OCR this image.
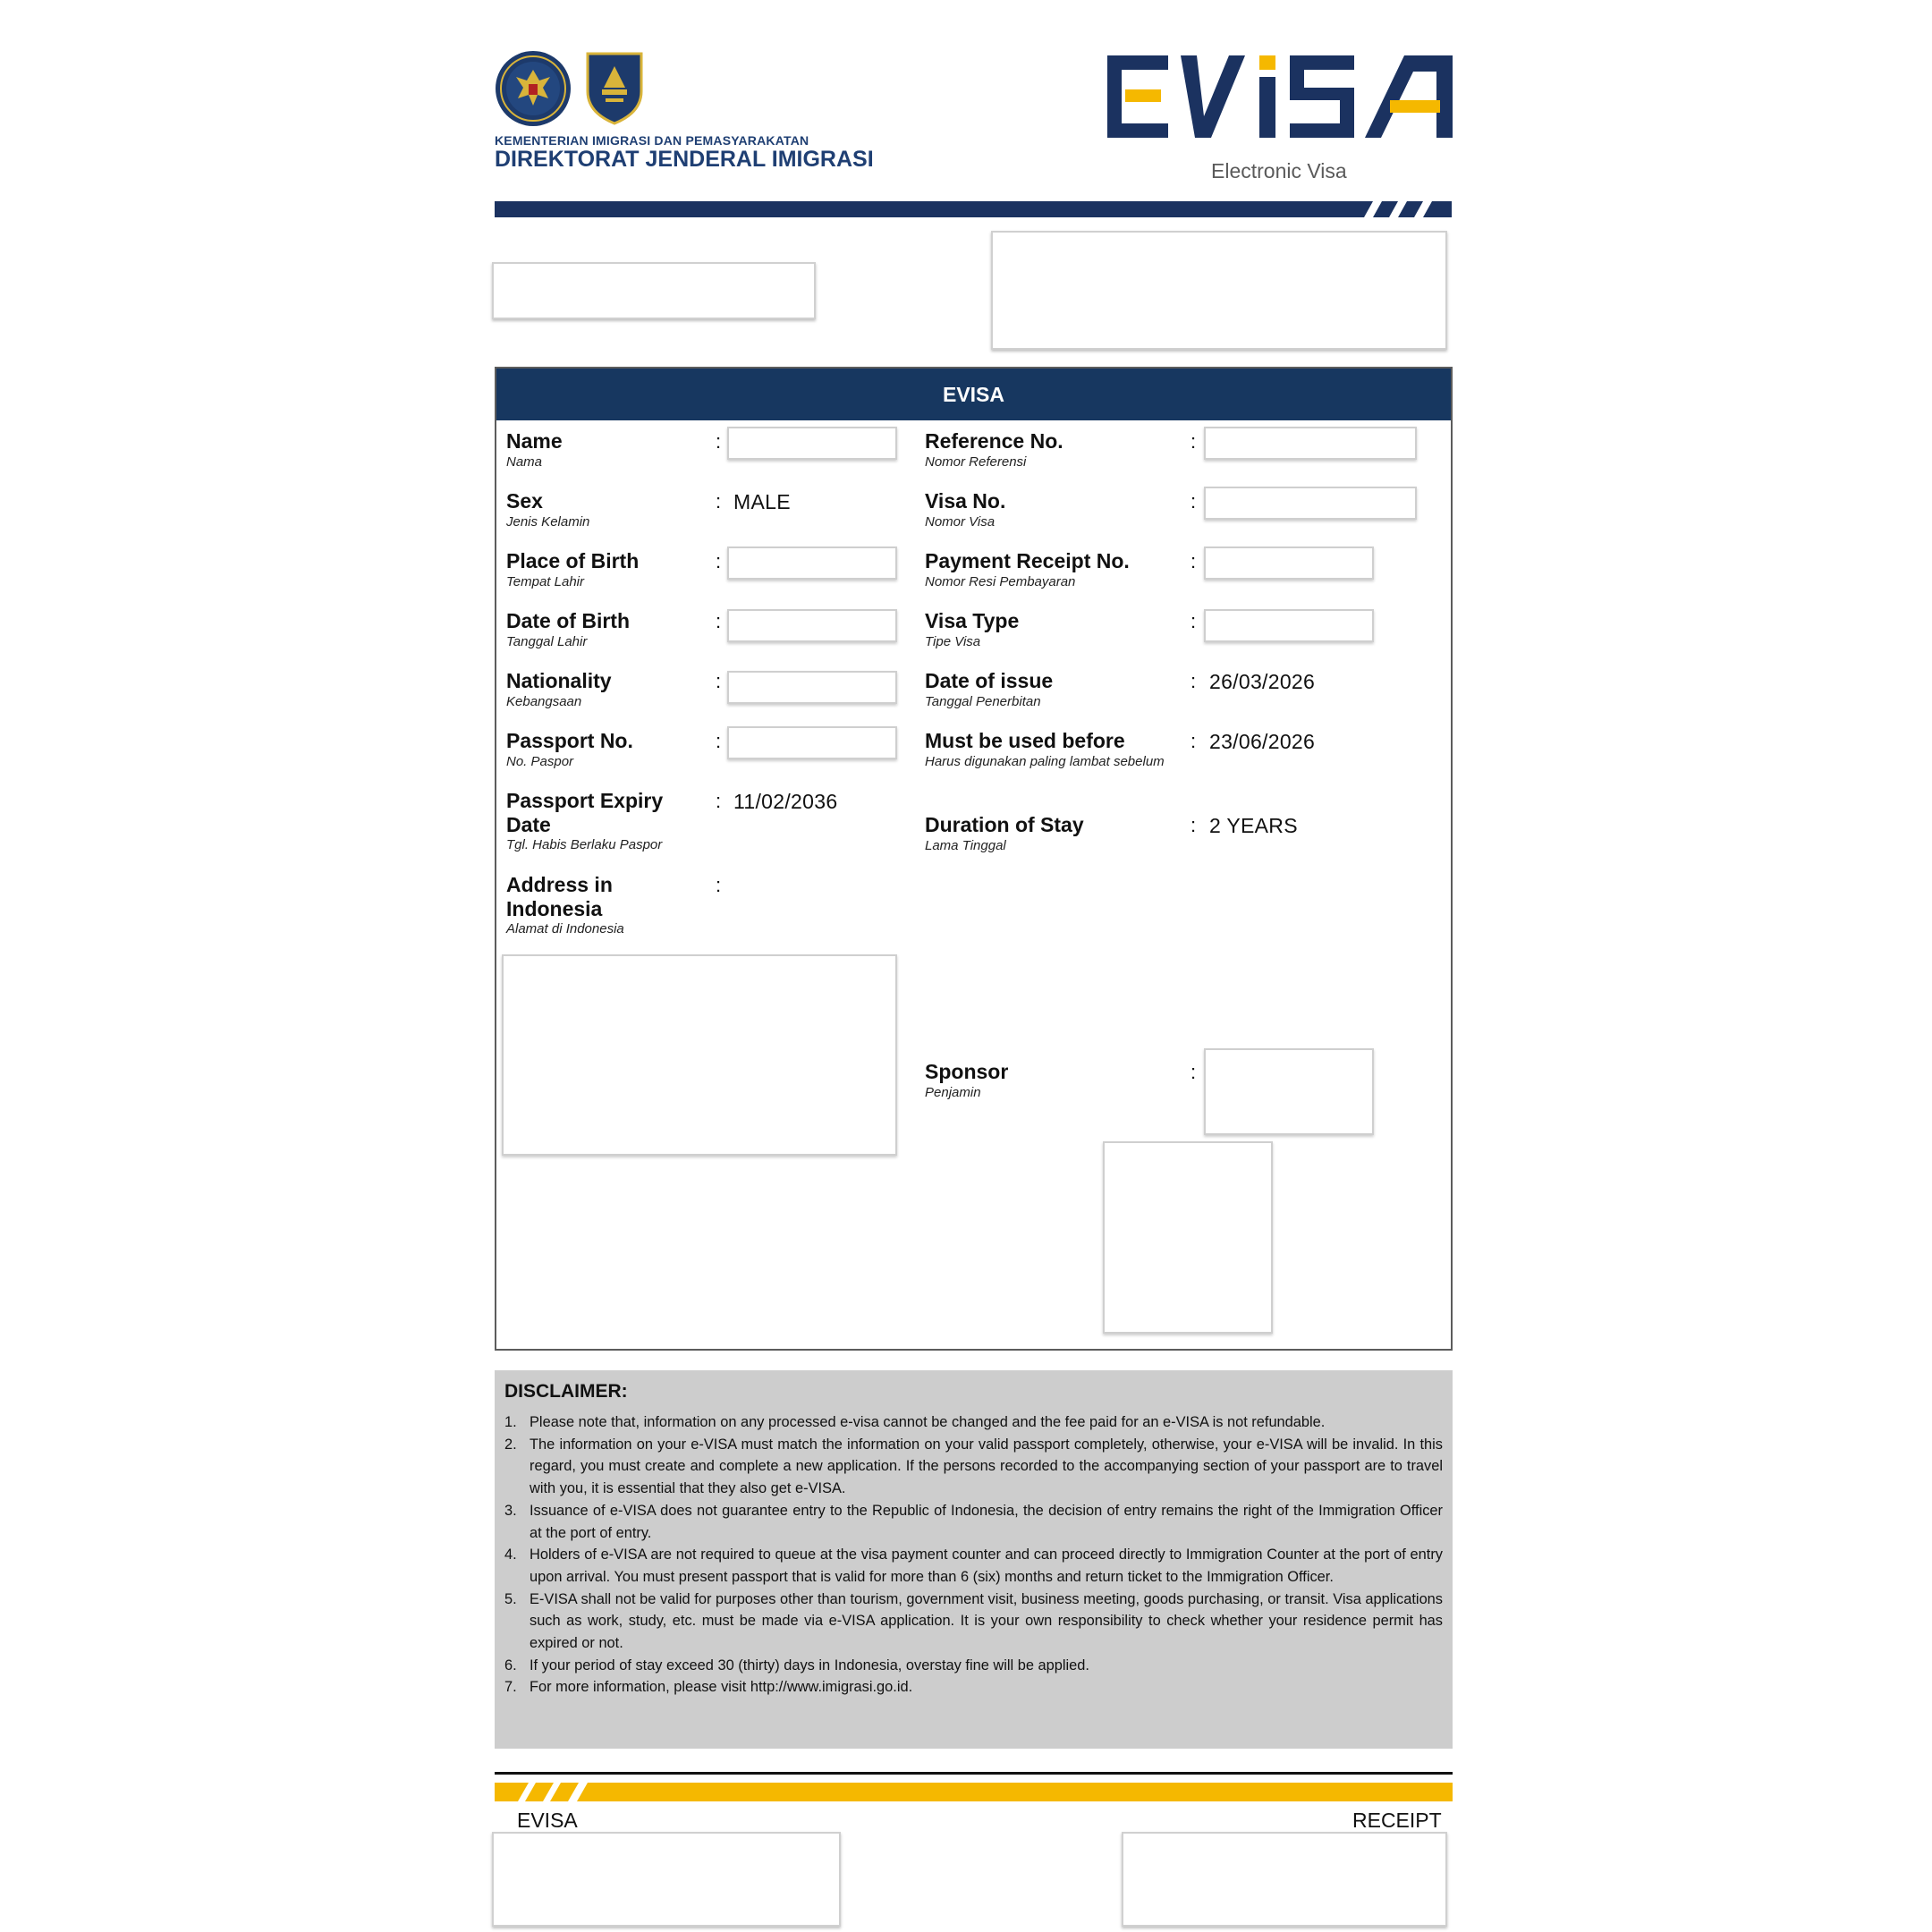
KEMENTERIAN IMIGRASI DAN PEMASYARAKATAN
DIREKTORAT JENDERAL IMIGRASI	Electronic Visa
EVISA
Name
Nama
:
Sex
Jenis Kelamin
: MALE
Place of Birth
Tempat Lahir
:
Date of Birth
Tanggal Lahir
:
Nationality
Kebangsaan
:
Passport No.
No. Paspor
:
Passport Expiry
Date
Tgl. Habis Berlaku Paspor
: 11/02/2036
Address in
Indonesia
Alamat di Indonesia
:
Reference No.
Nomor Referensi
:
Visa No.
Nomor Visa
:
Payment Receipt No.
Nomor Resi Pembayaran
:
Visa Type
Tipe Visa
:
Date of issue
Tanggal Penerbitan
: 26/03/2026
Must be used before
Harus digunakan paling lambat sebelum
: 23/06/2026
Duration of Stay
Lama Tinggal
: 2 YEARS
Sponsor
Penjamin
:
DISCLAIMER:
1. Please note that, information on any processed e-visa cannot be changed and the fee paid for an e-VISA is not refundable.
2. The information on your e-VISA must match the information on your valid passport completely, otherwise, your e-VISA will be invalid. In this regard, you must create and complete a new application. If the persons recorded to the accompanying section of your passport are to travel with you, it is essential that they also get e-VISA.
3. Issuance of e-VISA does not guarantee entry to the Republic of Indonesia, the decision of entry remains the right of the Immigration Officer at the port of entry.
4. Holders of e-VISA are not required to queue at the visa payment counter and can proceed directly to Immigration Counter at the port of entry upon arrival. You must present passport that is valid for more than 6 (six) months and return ticket to the Immigration Officer.
5. E-VISA shall not be valid for purposes other than tourism, government visit, business meeting, goods purchasing, or transit. Visa applications such as work, study, etc. must be made via e-VISA application. It is your own responsibility to check whether your residence permit has expired or not.
6. If your period of stay exceed 30 (thirty) days in Indonesia, overstay fine will be applied.
7. For more information, please visit http://www.imigrasi.go.id.
EVISA	RECEIPT
